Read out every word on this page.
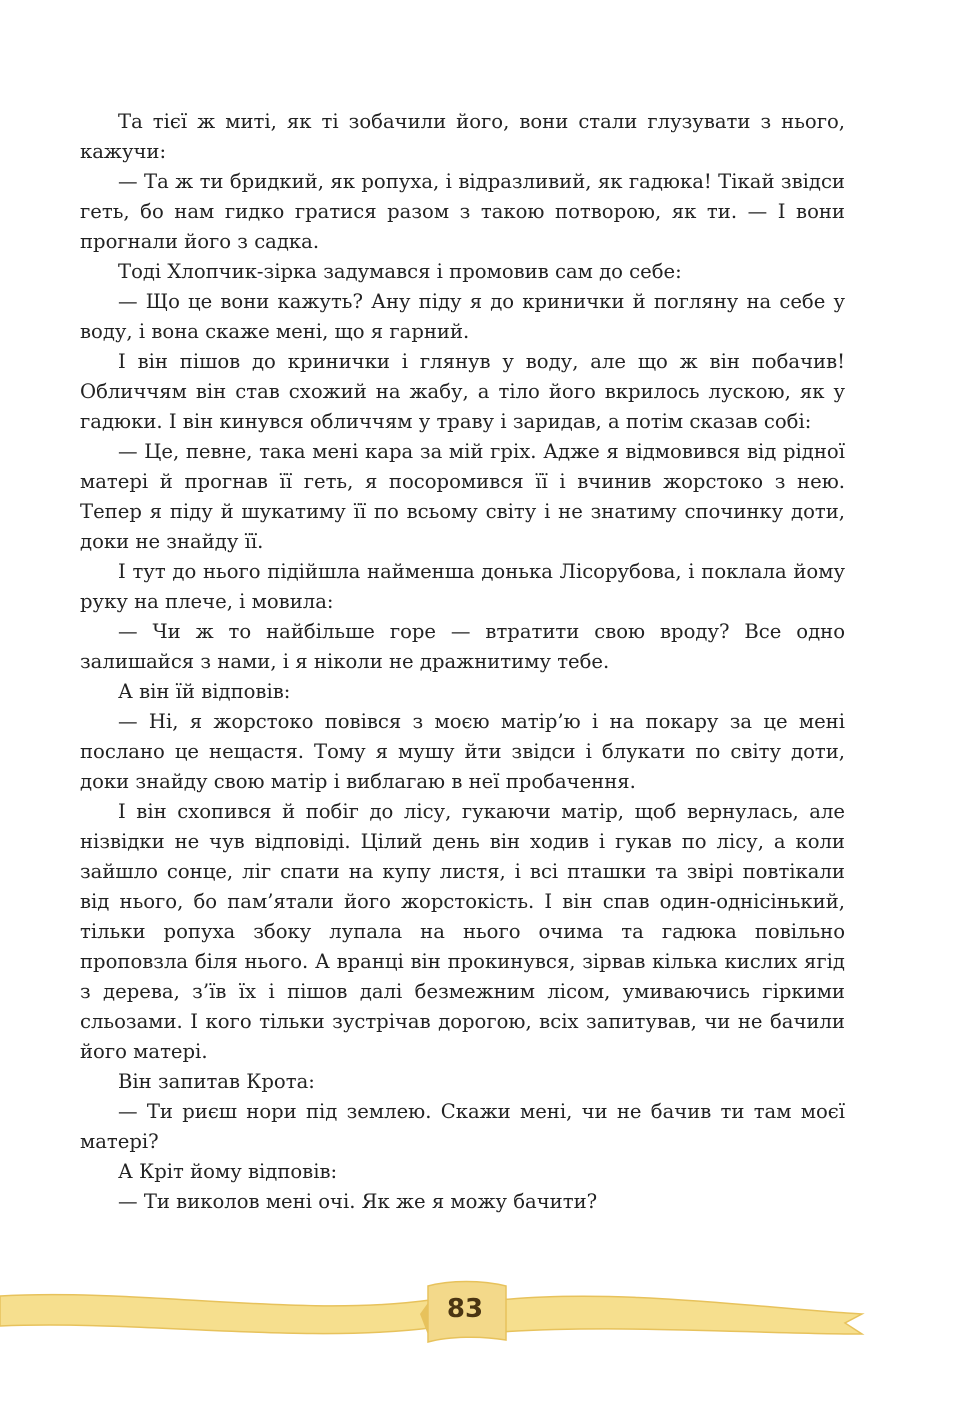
Та тієї ж миті, як ті зобачили його, вони стали глузувати з нього, кажучи:

— Та ж ти бридкий, як ропуха, і відразливий, як гадюка! Тікай звідси геть, бо нам гидко гратися разом з такою потворою, як ти. — І вони прогнали його з садка.

Тоді Хлопчик-зірка задумався і промовив сам до себе:

— Що це вони кажуть? Ану піду я до кринички й погляну на себе у воду, і вона скаже мені, що я гарний.

І він пішов до кринички і глянув у воду, але що ж він побачив! Обличчям він став схожий на жабу, а тіло його вкрилось лускою, як у гадюки. І він кинувся обличчям у траву і заридав, а потім сказав собі:

— Це, певне, така мені кара за мій гріх. Адже я відмовився від рідної матері й прогнав її геть, я посоромився її і вчинив жорстоко з нею. Тепер я піду й шукатиму її по всьому світу і не знатиму спочинку доти, доки не знайду її.

І тут до нього підійшла найменша донька Лісорубова, і поклала йому руку на плече, і мовила:

— Чи ж то найбільше горе — втратити свою вроду? Все одно залишайся з нами, і я ніколи не дражнитиму тебе.

А він їй відповів:

— Ні, я жорстоко повівся з моєю матір’ю і на покару за це мені послано це нещастя. Тому я мушу йти звідси і блукати по світу доти, доки знайду свою матір і виблагаю в неї пробачення.

І він схопився й побіг до лісу, гукаючи матір, щоб вернулась, але нізвідки не чув відповіді. Цілий день він ходив і гукав по лісу, а коли зайшло сонце, ліг спати на купу листя, і всі пташки та звірі повтікали від нього, бо пам’ятали його жорстокість. І він спав один-однісінький, тільки ропуха збоку лупала на нього очима та гадюка повільно проповзла біля нього. А вранці він прокинувся, зірвав кілька кислих ягід з дерева, з’їв їх і пішов далі безмежним лісом, умиваючись гіркими сльозами. І кого тільки зустрічав дорогою, всіх запитував, чи не бачили його матері.

Він запитав Крота:

— Ти риєш нори під землею. Скажи мені, чи не бачив ти там моєї матері?

А Кріт йому відповів:

— Ти виколов мені очі. Як же я можу бачити?

83
